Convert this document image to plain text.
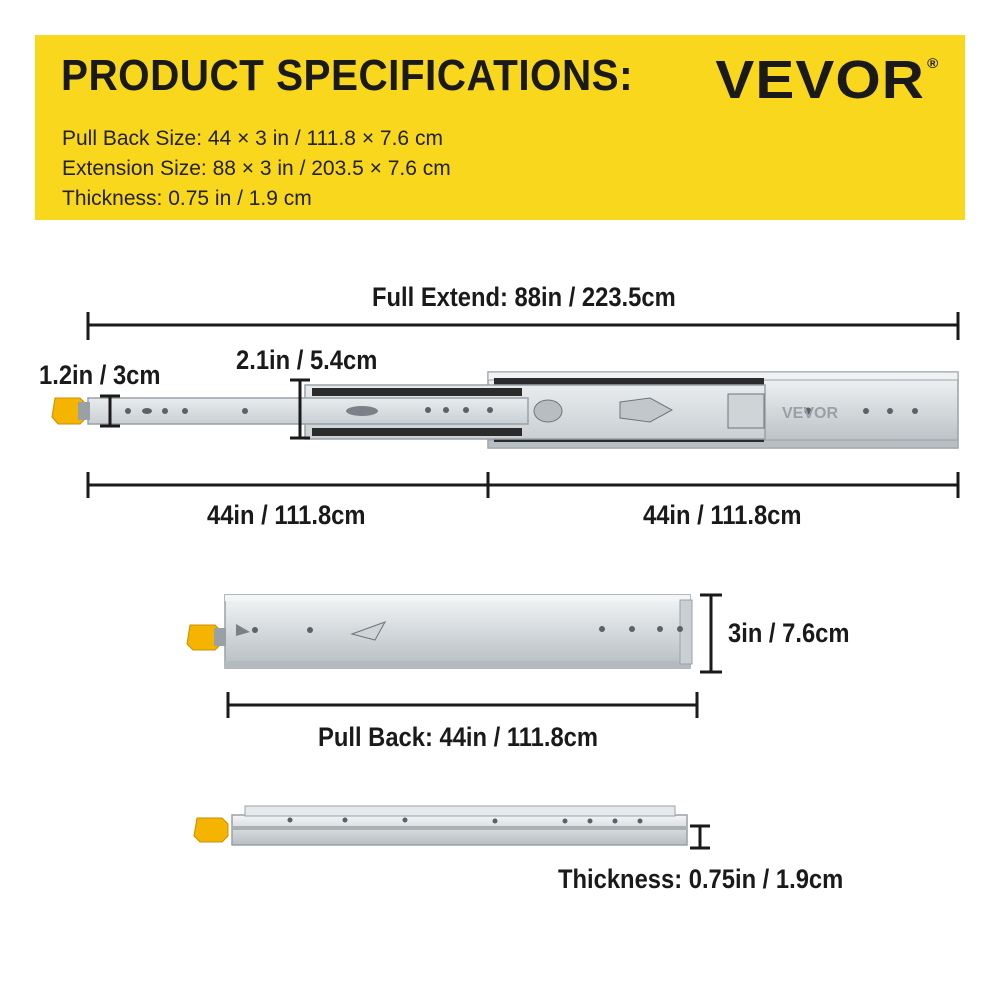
PRODUCT SPECIFICATIONS: VEVOR ®
Pull Back Size: 44 × 3 in / 111.8 × 7.6 cm
Extension Size: 88 × 3 in / 203.5 × 7.6 cm
Thickness: 0.75 in / 1.9 cm
VEVOR
Full Extend: 88in / 223.5cm
1.2in / 3cm	2.1in / 5.4cm
44in / 111.8cm	44in / 111.8cm
3in / 7.6cm
Pull Back: 44in / 111.8cm
Thickness: 0.75in / 1.9cm
